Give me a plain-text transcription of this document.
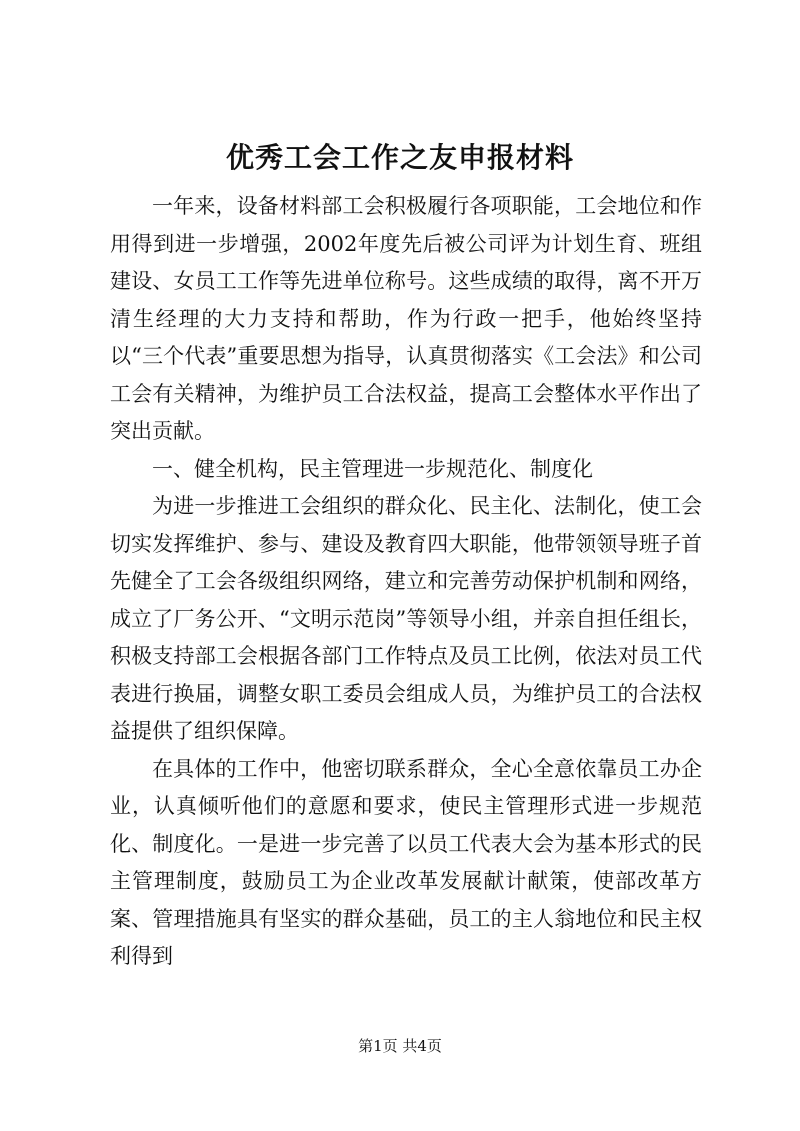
优秀工会工作之友申报材料

一年来，设备材料部工会积极履行各项职能，工会地位和作用得到进一步增强，2002年度先后被公司评为计划生育、班组建设、女员工工作等先进单位称号。这些成绩的取得，离不开万清生经理的大力支持和帮助，作为行政一把手，他始终坚持以“三个代表”重要思想为指导，认真贯彻落实《工会法》和公司工会有关精神，为维护员工合法权益，提高工会整体水平作出了突出贡献。

一、健全机构，民主管理进一步规范化、制度化

为进一步推进工会组织的群众化、民主化、法制化，使工会切实发挥维护、参与、建设及教育四大职能，他带领领导班子首先健全了工会各级组织网络，建立和完善劳动保护机制和网络，成立了厂务公开、“文明示范岗”等领导小组，并亲自担任组长，积极支持部工会根据各部门工作特点及员工比例，依法对员工代表进行换届，调整女职工委员会组成人员，为维护员工的合法权益提供了组织保障。

在具体的工作中，他密切联系群众，全心全意依靠员工办企业，认真倾听他们的意愿和要求，使民主管理形式进一步规范化、制度化。一是进一步完善了以员工代表大会为基本形式的民主管理制度，鼓励员工为企业改革发展献计献策，使部改革方案、管理措施具有坚实的群众基础，员工的主人翁地位和民主权利得到

第1页 共4页
